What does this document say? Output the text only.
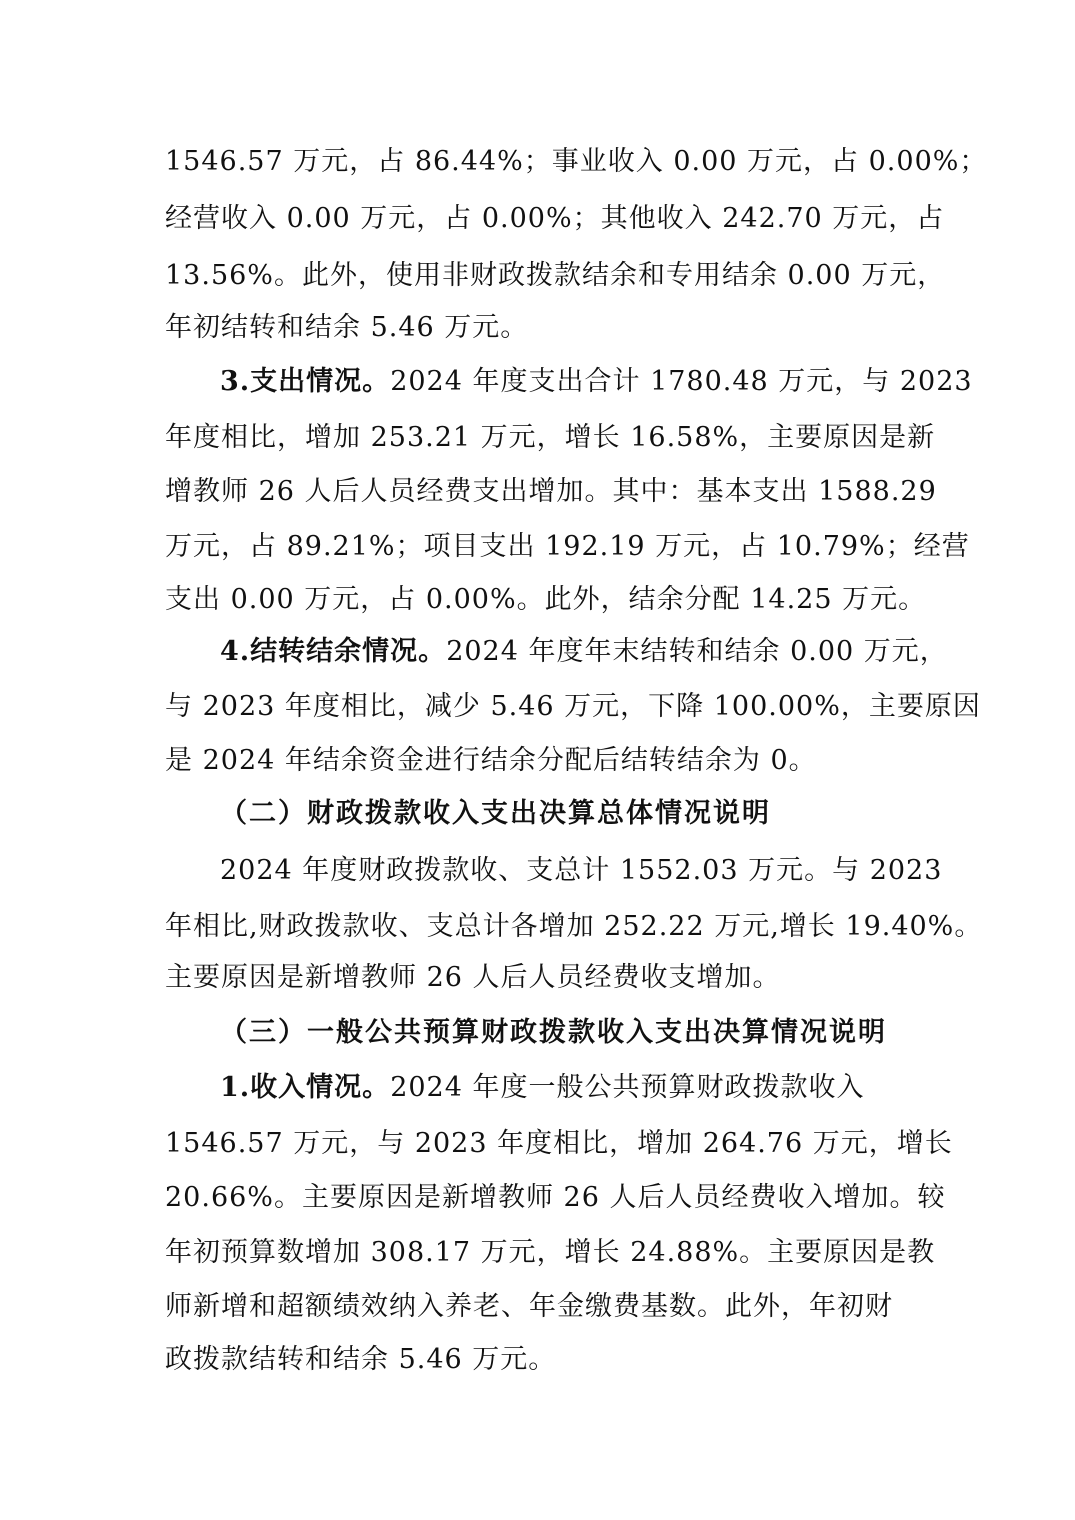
1546.57 万元，占 86.44%；事业收入 0.00 万元，占 0.00%；
经营收入 0.00 万元，占 0.00%；其他收入 242.70 万元，占
13.56%。此外，使用非财政拨款结余和专用结余 0.00 万元，
年初结转和结余 5.46 万元。
3.支出情况。2024 年度支出合计 1780.48 万元，与 2023
年度相比，增加 253.21 万元，增长 16.58%，主要原因是新
增教师 26 人后人员经费支出增加。其中：基本支出 1588.29
万元，占 89.21%；项目支出 192.19 万元，占 10.79%；经营
支出 0.00 万元，占 0.00%。此外，结余分配 14.25 万元。
4.结转结余情况。2024 年度年末结转和结余 0.00 万元，
与 2023 年度相比，减少 5.46 万元，下降 100.00%，主要原因
是 2024 年结余资金进行结余分配后结转结余为 0。
（二）财政拨款收入支出决算总体情况说明
2024 年度财政拨款收、支总计 1552.03 万元。与 2023
年相比,财政拨款收、支总计各增加 252.22 万元,增长 19.40%。
主要原因是新增教师 26 人后人员经费收支增加。
（三）一般公共预算财政拨款收入支出决算情况说明
1.收入情况。2024 年度一般公共预算财政拨款收入
1546.57 万元，与 2023 年度相比，增加 264.76 万元，增长
20.66%。主要原因是新增教师 26 人后人员经费收入增加。较
年初预算数增加 308.17 万元，增长 24.88%。主要原因是教
师新增和超额绩效纳入养老、年金缴费基数。此外，年初财
政拨款结转和结余 5.46 万元。
